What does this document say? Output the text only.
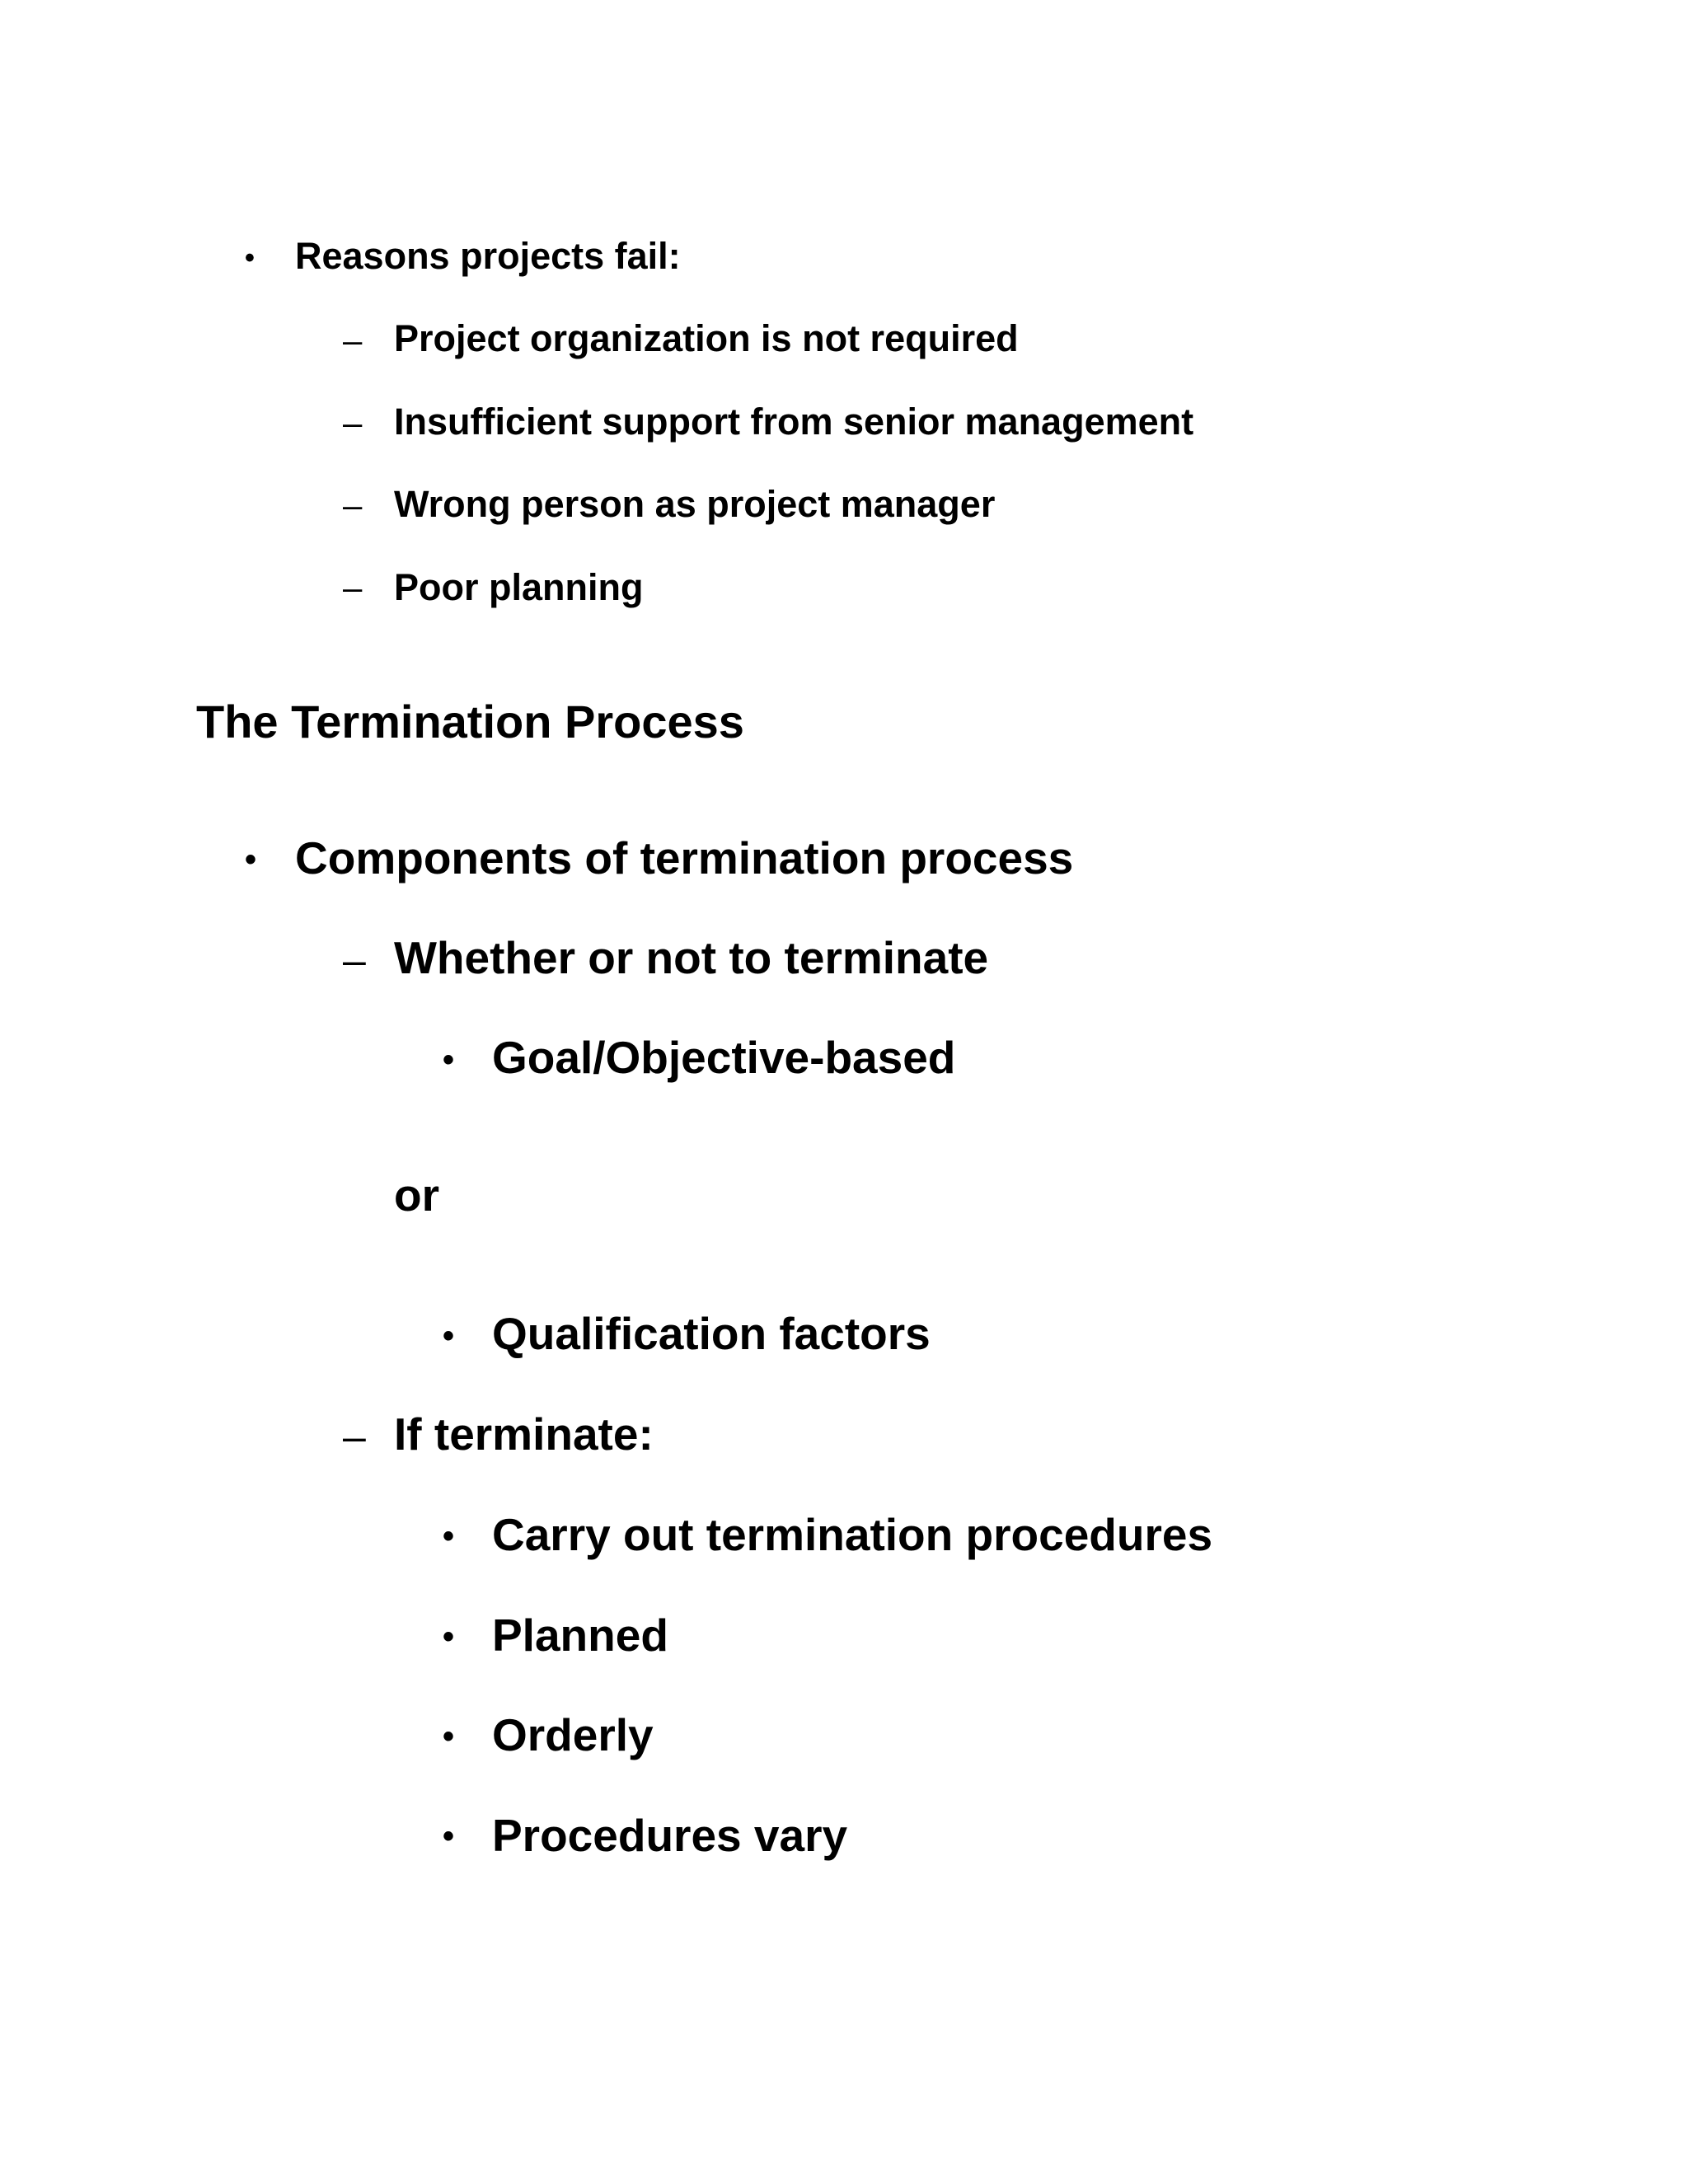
• Reasons projects fail:
– Project organization is not required
– Insufficient support from senior management
– Wrong person as project manager
– Poor planning
The Termination Process
• Components of termination process
– Whether or not to terminate
• Goal/Objective-based
or
• Qualification factors
– If terminate:
• Carry out termination procedures
• Planned
• Orderly
• Procedures vary
